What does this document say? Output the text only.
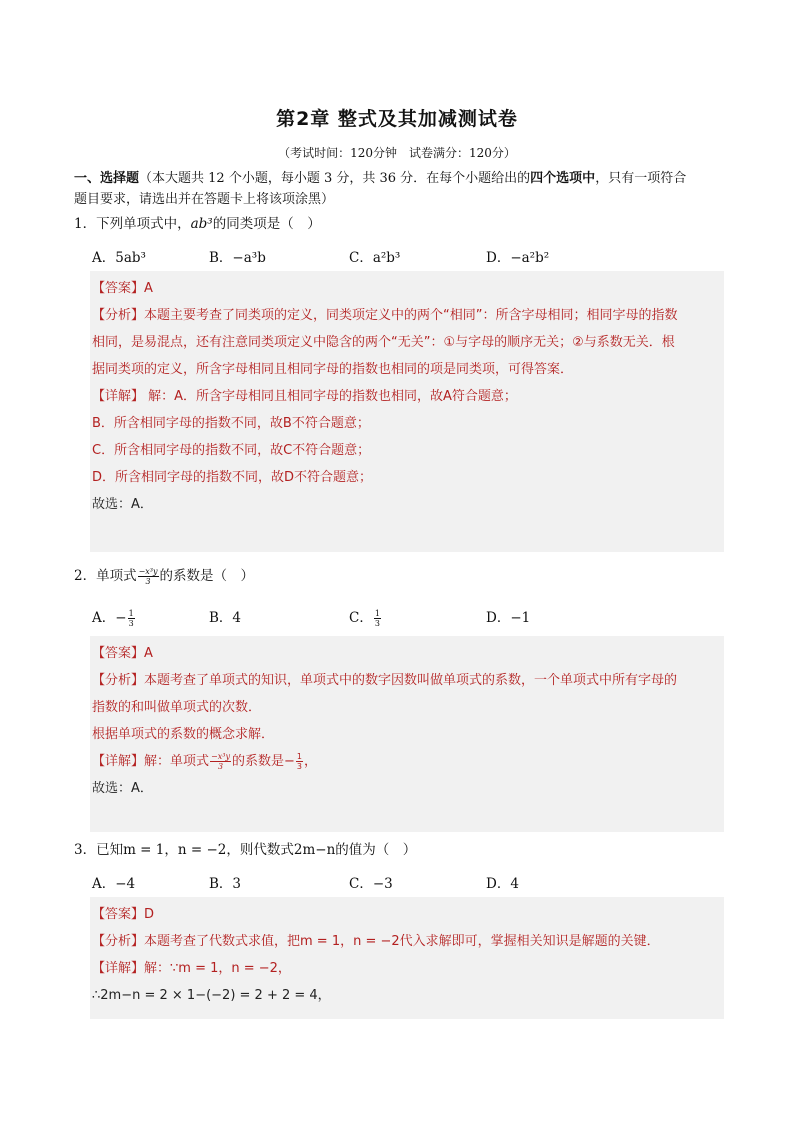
第2章 整式及其加减测试卷
（考试时间：120分钟　试卷满分：120分）
一、选择题（本大题共 12 个小题，每小题 3 分，共 36 分．在每个小题给出的四个选项中，只有一项符合
题目要求，请选出并在答题卡上将该项涂黑）
1．下列单项式中，ab³的同类项是（　）
A．5ab³	B．−a³b	C．a²b³	D．−a²b²
【答案】A
【分析】本题主要考查了同类项的定义，同类项定义中的两个“相同”：所含字母相同；相同字母的指数
相同，是易混点，还有注意同类项定义中隐含的两个“无关”：①与字母的顺序无关；②与系数无关．根
据同类项的定义，所含字母相同且相同字母的指数也相同的项是同类项，可得答案．
【详解】 解：A．所含字母相同且相同字母的指数也相同，故A符合题意；
B．所含相同字母的指数不同，故B不符合题意；
C．所含相同字母的指数不同，故C不符合题意；
D．所含相同字母的指数不同，故D不符合题意；
故选：A．
2．单项式 $\frac{\text{−x³y}}{3}$ 的系数是（　）
A．− $\frac{1}{3}$	B．4	C． $\frac{1}{3}$	D．−1
【答案】A
【分析】本题考查了单项式的知识，单项式中的数字因数叫做单项式的系数，一个单项式中所有字母的
指数的和叫做单项式的次数．
根据单项式的系数的概念求解．
【详解】解：单项式 $\frac{\text{−x³y}}{3}$ 的系数是− $\frac{1}{3}$ ，
故选：A．
3．已知m = 1，n = −2，则代数式2m−n的值为（　）
A．−4	B．3	C．−3	D．4
【答案】D
【分析】本题考查了代数式求值，把m = 1，n = −2代入求解即可，掌握相关知识是解题的关键．
【详解】解：∵m = 1，n = −2，
∴2m−n = 2 × 1−(−2) = 2 + 2 = 4，
